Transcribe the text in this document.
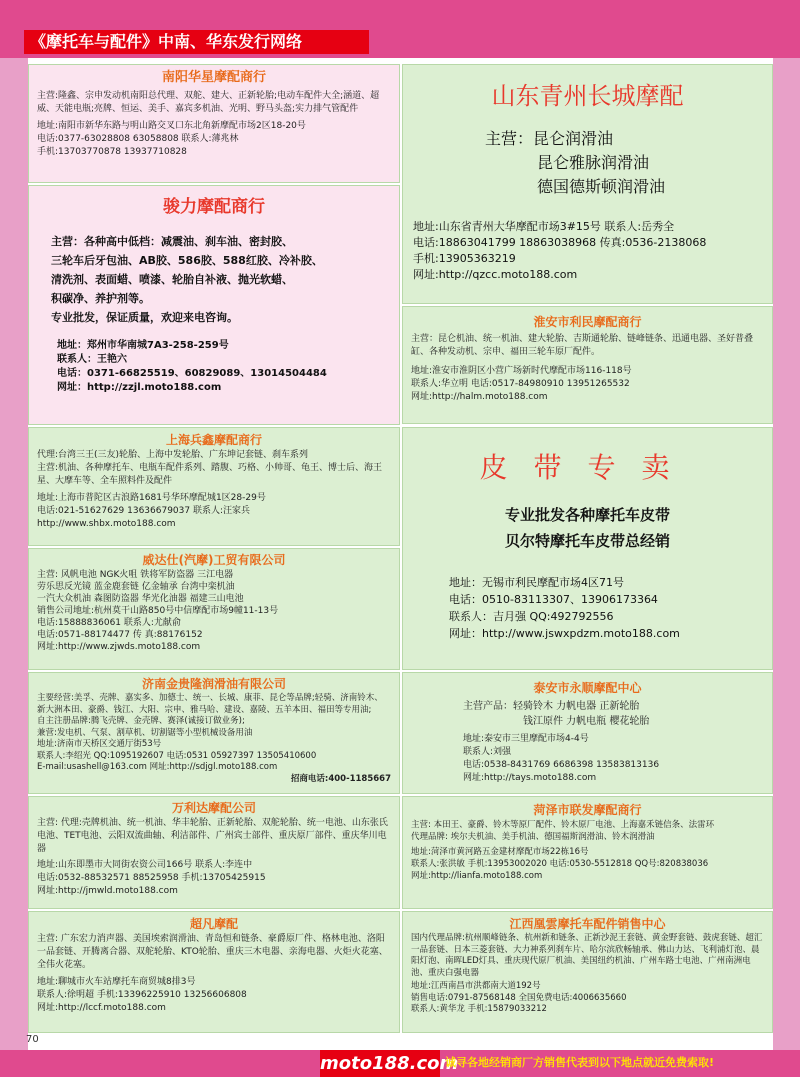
《摩托车与配件》中南、华东发行网络
南阳华星摩配商行

主营:隆鑫、宗申发动机南阳总代理、双舵、建大、正新轮胎;电动车配件大全;涵道、超威、天能电瓶;亮牌、恒运、美手、嘉宾多机油、光明、野马头盔;实力排气管配件

地址:南阳市新华东路与明山路交叉口东北角新摩配市场2区18-20号

电话:0377-63028808 63058808 联系人:薄兆林

手机:13703770878 13937710828

骏力摩配商行

主营：各种高中低档：减震油、刹车油、密封胶、

三轮车后牙包油、AB胶、586胶、588红胶、冷补胶、

清洗剂、表面蜡、喷漆、轮胎自补液、抛光软蜡、

积碳净、养护剂等。

专业批发，保证质量，欢迎来电咨询。

地址：郑州市华南城7A3-258-259号

联系人：王艳六

电话：0371-66825519、60829089、13014504484

网址：http://zzjl.moto188.com

上海兵鑫摩配商行

代理:台湾三王(三友)轮胎、上海中发轮胎、广东坤记套链、刹车系列

主营:机油、各种摩托车、电瓶车配件系列、踏腹、巧格、小帅哥、龟王、博士后、海王星、大摩车等、全车照料件及配件

地址:上海市普陀区古浪路1681号华环摩配城1区28-29号

电话:021-51627629 13636679037 联系人:汪家兵

http://www.shbx.moto188.com

威达仕(汽摩)工贸有限公司

主营: 风帆电池 NGK火咀 铁将军防盗器 三江电器

劳乐思反光镜 蓝金鹿套链 亿金轴承 台湾中栾机油

一汽大众机油 森图防盗器 华光化油器 福建三山电池

销售公司地址:杭州莫干山路850号中信摩配市场9幢11-13号

电话:15888836061 联系人:尤献俞

电话:0571-88174477 传 真:88176152

网址:http://www.zjwds.moto188.com

济南金贵隆润滑油有限公司

主要经营:美孚、壳牌、嘉实多、加德士、统一、长城、康菲、昆仑等品牌;轻骑、济南铃木、新大洲本田、豪爵、钱江、大阳、宗申、雅马哈、建设、嘉陵、五羊本田、福田等专用油;

自主注册品牌:腾飞壳牌、金壳牌、赛泽(诚接订做业务);

兼营:发电机、气泵、割草机、切割锯等小型机械设备用油

地址:济南市天桥区交通厅街53号

联系人:李绍光 QQ:1095192607 电话:0531 05927397 13505410600

E-mail:usashell@163.com 网址:http://sdjgl.moto188.com

招商电话:400-1185667

万利达摩配公司

主营: 代理:壳牌机油、统一机油、华丰轮胎、正新轮胎、双舵轮胎、统一电池、山东张氏电池、TET电池、云阳双流曲轴、利洁部件、广州宾士部件、重庆原厂部件、重庆华川电器

地址:山东即墨市大同街农资公司166号 联系人:李连中

电话:0532-88532571 88525958 手机:13705425915

网址:http://jmwld.moto188.com

超凡摩配

主营: 广东宏力消声器、美国埃索润滑油、青岛恒和链条、豪爵原厂件、格林电池、洛阳一品套链、开腾离合器、双舵轮胎、KTO轮胎、重庆三木电器、亲海电器、火炬火花塞、全伟火花塞。

地址:聊城市火车站摩托车商贸城8排3号

联系人:徐明超 手机:13396225910 13256606808

网址:http://lccf.moto188.com

山东青州长城摩配

主营：昆仑润滑油

昆仑雅脉润滑油

德国德斯顿润滑油

地址:山东省青州大华摩配市场3#15号 联系人:岳秀全

电话:18863041799 18863038968 传真:0536-2138068

手机:13905363219

网址:http://qzcc.moto188.com

淮安市利民摩配商行

主营：昆仑机油、统一机油、建大轮胎、吉斯通轮胎、链峰链条、迅通电器、圣好普叠缸、各种发动机、宗申、福田三轮车原厂配件。

地址:淮安市淮阴区小营广场新时代摩配市场116-118号

联系人:华立明 电话:0517-84980910 13951265532

网址:http://halm.moto188.com

皮带专卖

专业批发各种摩托车皮带

贝尔特摩托车皮带总经销

地址：无锡市利民摩配市场4区71号

电话：0510-83113307、13906173364

联系人：吉月强 QQ:492792556

网址：http://www.jswxpdzm.moto188.com

泰安市永顺摩配中心

主营产品：轻骑铃木 力帆电器 正新轮胎

钱江原件 力帆电瓶 樱花轮胎

地址:泰安市三里摩配市场4-4号

联系人:刘强

电话:0538-8431769 6686398 13583813136

网址:http://tays.moto188.com

菏泽市联发摩配商行

主营: 本田王、豪爵、铃木等原厂配件、铃木原厂电池、上海嘉禾链信条、法雷环

代理品牌: 埃尔夫机油、美手机油、德国福斯润滑油、铃木润滑油

地址:菏泽市黄河路五金建材摩配市场22栋16号

联系人:张洪敏 手机:13953002020 电话:0530-5512818 QQ号:820838036

网址:http://lianfa.moto188.com

江西凰雲摩托车配件销售中心

国内代理品牌:杭州顺峰链条、杭州新和链条、正新沙泥王套链、黄金野套链、鼓虎套链、超汇一品套链、日本三菱套链、大力神系列刹车片、哈尔滨欣畅轴承、佛山力达、飞利浦灯泡、晨阳灯泡、南晖LED灯具、重庆现代原厂机油、美国纽约机油、广州车路士电池、广州南洲电池、重庆白强电器

地址:江西南昌市洪都南大道192号

销售电话:0791-87568148 全国免费电话:4006635660

联系人:黄华龙 手机:15879033212

70
moto188.com
诚寻各地经销商厂方销售代表到以下地点就近免费索取!
